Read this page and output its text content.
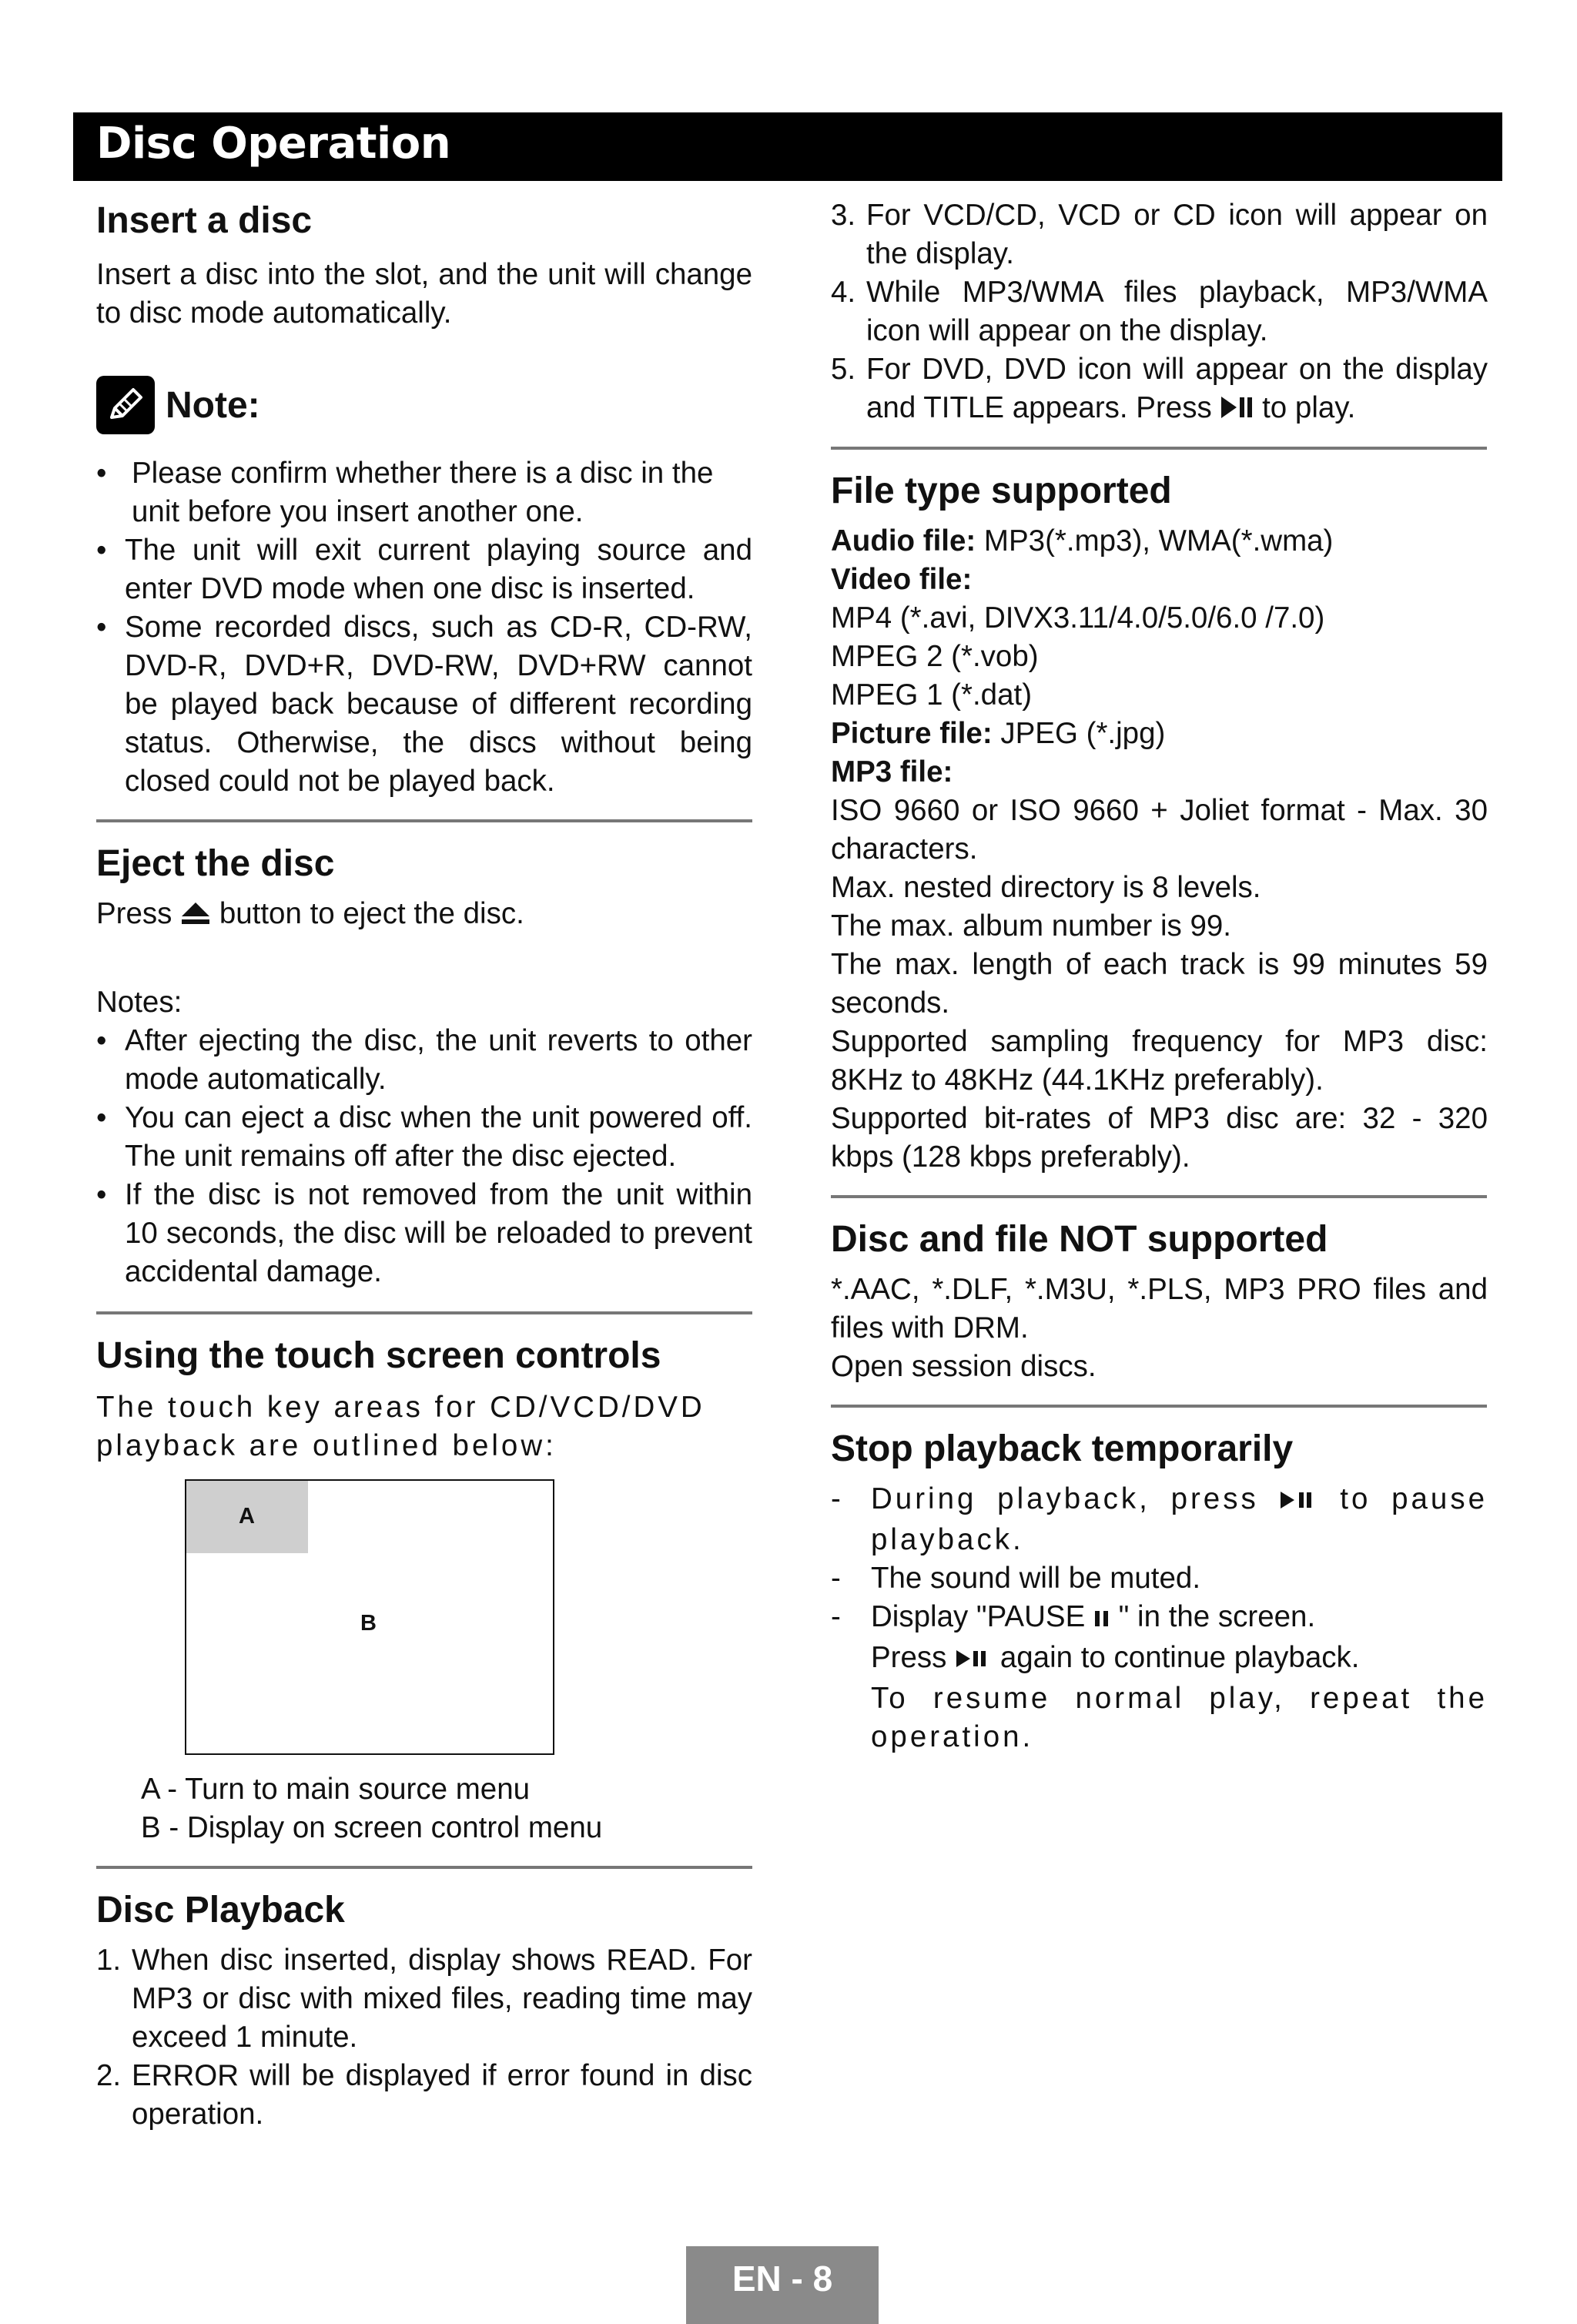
Disc Operation
Insert a disc

Insert a disc into the slot, and the unit will change to disc mode automatically.

Note:
• Please confirm whether there is a disc in the unit before you insert another one.
• The unit will exit current playing source and enter DVD mode when one disc is inserted.
• Some recorded discs, such as CD-R, CD-RW, DVD-R, DVD+R, DVD-RW, DVD+RW cannot be played back because of different recording status. Otherwise, the discs without being closed could not be played back.
Eject the disc

Press button to eject the disc.

Notes:

• After ejecting the disc, the unit reverts to other mode automatically.
• You can eject a disc when the unit powered off. The unit remains off after the disc ejected.
• If the disc is not removed from the unit within 10 seconds, the disc will be reloaded to prevent accidental damage.
Using the touch screen controls

The touch key areas for CD/VCD/DVD playback are outlined below:

A
B

A - Turn to main source menu

B - Display on screen control menu

Disc Playback
1. When disc inserted, display shows READ. For MP3 or disc with mixed files, reading time may exceed 1 minute.
2. ERROR will be displayed if error found in disc operation.
3. For VCD/CD, VCD or CD icon will appear on the display.
4. While MP3/WMA files playback, MP3/WMA icon will appear on the display.
5. For DVD, DVD icon will appear on the display and TITLE appears. Press to play.
File type supported

Audio file: MP3(*.mp3), WMA(*.wma)

Video file:

MP4 (*.avi, DIVX3.11/4.0/5.0/6.0 /7.0)

MPEG 2 (*.vob)

MPEG 1 (*.dat)

Picture file: JPEG (*.jpg)

MP3 file:

ISO 9660 or ISO 9660 + Joliet format - Max. 30 characters.

Max. nested directory is 8 levels.

The max. album number is 99.

The max. length of each track is 99 minutes 59 seconds.

Supported sampling frequency for MP3 disc: 8KHz to 48KHz (44.1KHz preferably).

Supported bit-rates of MP3 disc are: 32 - 320 kbps (128 kbps preferably).

Disc and file NOT supported

*.AAC, *.DLF, *.M3U, *.PLS, MP3 PRO files and files with DRM.

Open session discs.

Stop playback temporarily
- During playback, press	to pause playback.
- The sound will be muted.
- Display "PAUSE " in the screen.
Press again to continue playback.
To resume normal play, repeat the operation.
EN - 8
